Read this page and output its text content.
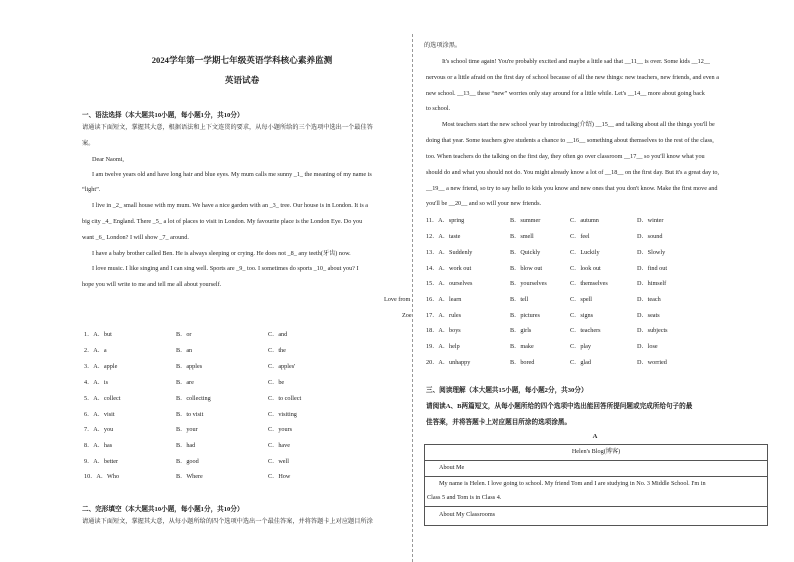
2024学年第一学期七年级英语学科核心素养监测
英语试卷
一、语法选择（本大题共10小题，每小题1分，共10分）
请通读下面短文，掌握其大意，根据语法和上下文连贯的要求，从每小题所给的三个选项中选出一个最佳答
案。
Dear Naomi,
I am twelve years old and have long hair and blue eyes. My mum calls me sunny _1_ the meaning of my name is
“light”.
I live in _2_ small house with my mum. We have a nice garden with an _3_ tree. Our house is in London. It is a
big city _4_ England. There _5_ a lot of places to visit in London. My favourite place is the London Eye. Do you
want _6_ London? I will show _7_ around.
I have a baby brother called Ben. He is always sleeping or crying. He does not _8_ any teeth(牙齿) now.
I love music. I like singing and I can sing well. Sports are _9_ too. I sometimes do sports _10_ about you? I
hope you will write to me and tell me all about yourself.
Love from
Zoe
1．A．but	B．or	C．and
2．A．a	B．an	C．the
3．A．apple	B．apples	C．apples'
4．A．is	B．are	C．be
5．A．collect	B．collecting	C．to collect
6．A．visit	B．to visit	C．visiting
7．A．you	B．your	C．yours
8．A．has	B．had	C．have
9．A．better	B．good	C．well
10．A．Who	B．Where	C．How
二、完形填空（本大题共10小题，每小题1分，共10分）
请通读下面短文，掌握其大意，从每小题所给的四个选项中选出一个最佳答案，并将答题卡上对应题目所涂
的选项涂黑。
It's school time again! You're probably excited and maybe a little sad that __11__ is over. Some kids __12__
nervous or a little afraid on the first day of school because of all the new things: new teachers, new friends, and even a
new school. __13__ these “new” worries only stay around for a little while. Let's __14__ more about going back
to school.
Most teachers start the new school year by introducing(介绍) __15__ and talking about all the things you'll be
doing that year. Some teachers give students a chance to __16__ something about themselves to the rest of the class,
too. When teachers do the talking on the first day, they often go over classroom __17__ so you'll know what you
should do and what you should not do. You might already know a lot of __18__ on the first day. But it's a great day to,
__19__ a new friend, so try to say hello to kids you know and new ones that you don't know. Make the first move and
you'll be __20__ and so will your new friends.
11．A．spring	B．summer	C．autumn	D．winter
12．A．taste	B．smell	C．feel	D．sound
13．A．Suddenly	B．Quickly	C．Luckily	D．Slowly
14．A．work out	B．blow out	C．look out	D．find out
15．A．ourselves	B．yourselves	C．themselves	D．himself
16．A．learn	B．tell	C．spell	D．teach
17．A．rules	B．pictures	C．signs	D．seats
18．A．boys	B．girls	C．teachers	D．subjects
19．A．help	B．make	C．play	D．lose
20．A．unhappy	B．bored	C．glad	D．worried
三、阅读理解（本大题共15小题，每小题2分，共30分）
请阅读A、B两篇短文，从每小题所给的四个选项中选出能回答所提问题或完成所给句子的最
佳答案，并将答题卡上对应题目所涂的选项涂黑。
A
Helen's Blog(博客)
About Me
My name is Helen. I love going to school. My friend Tom and I are studying in No. 3 Middle School. I'm in
Class 5 and Tom is in Class 4.
About My Classrooms
